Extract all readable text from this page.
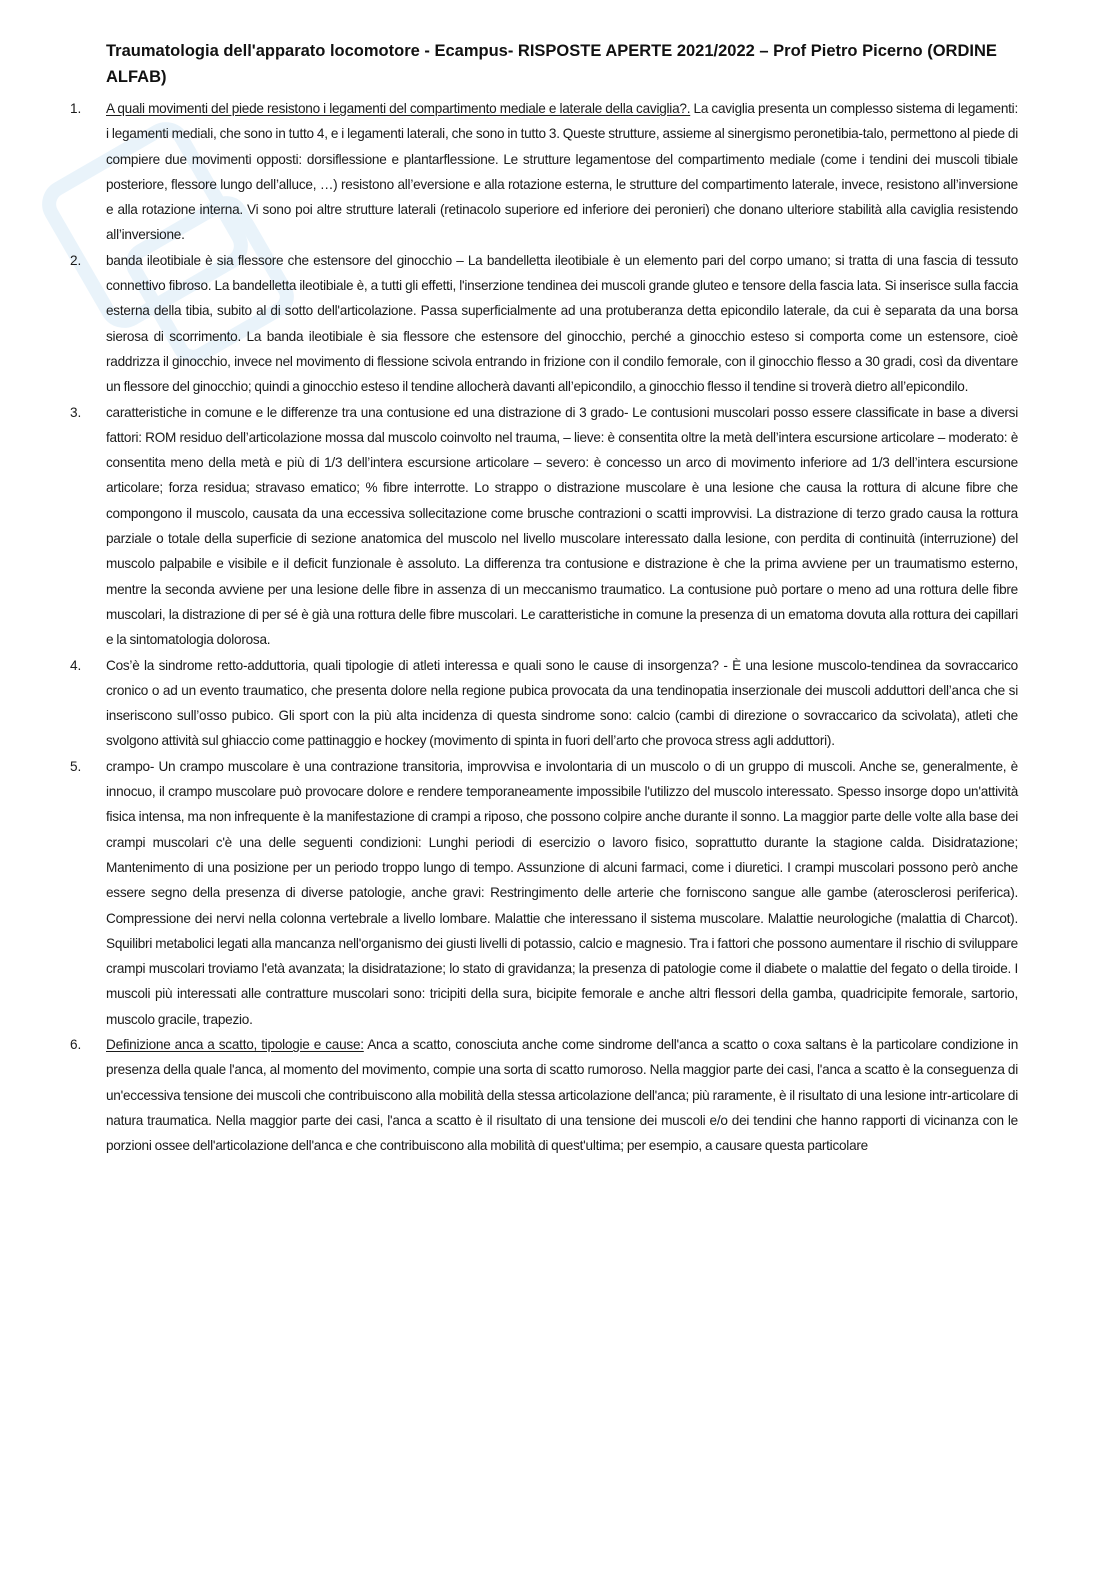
Traumatologia dell'apparato locomotore - Ecampus- RISPOSTE APERTE 2021/2022 – Prof Pietro Picerno (ORDINE ALFAB)
1.	A quali movimenti del piede resistono i legamenti del compartimento mediale e laterale della caviglia?. La caviglia presenta un complesso sistema di legamenti: i legamenti mediali, che sono in tutto 4, e i legamenti laterali, che sono in tutto 3. Queste strutture, assieme al sinergismo peronetibia-talo, permettono al piede di compiere due movimenti opposti: dorsiflessione e plantarflessione. Le strutture legamentose del compartimento mediale (come i tendini dei muscoli tibiale posteriore, flessore lungo dell’alluce, …) resistono all’eversione e alla rotazione esterna, le strutture del compartimento laterale, invece, resistono all’inversione e alla rotazione interna. Vi sono poi altre strutture laterali (retinacolo superiore ed inferiore dei peronieri) che donano ulteriore stabilità alla caviglia resistendo all’inversione.
2.	banda ileotibiale è sia flessore che estensore del ginocchio – La bandelletta ileotibiale è un elemento pari del corpo umano; si tratta di una fascia di tessuto connettivo fibroso. La bandelletta ileotibiale è, a tutti gli effetti, l'inserzione tendinea dei muscoli grande gluteo e tensore della fascia lata. Si inserisce sulla faccia esterna della tibia, subito al di sotto dell'articolazione. Passa superficialmente ad una protuberanza detta epicondilo laterale, da cui è separata da una borsa sierosa di scorrimento. La banda ileotibiale è sia flessore che estensore del ginocchio, perché a ginocchio esteso si comporta come un estensore, cioè raddrizza il ginocchio, invece nel movimento di flessione scivola entrando in frizione con il condilo femorale, con il ginocchio flesso a 30 gradi, così da diventare un flessore del ginocchio; quindi a ginocchio esteso il tendine allocherà davanti all’epicondilo, a ginocchio flesso il tendine si troverà dietro all’epicondilo.
3.	caratteristiche in comune e le differenze tra una contusione ed una distrazione di 3 grado- Le contusioni muscolari posso essere classificate in base a diversi fattori: ROM residuo dell’articolazione mossa dal muscolo coinvolto nel trauma, – lieve: è consentita oltre la metà dell’intera escursione articolare – moderato: è consentita meno della metà e più di 1/3 dell’intera escursione articolare – severo: è concesso un arco di movimento inferiore ad 1/3 dell’intera escursione articolare; forza residua; stravaso ematico; % fibre interrotte. Lo strappo o distrazione muscolare è una lesione che causa la rottura di alcune fibre che compongono il muscolo, causata da una eccessiva sollecitazione come brusche contrazioni o scatti improvvisi. La distrazione di terzo grado causa la rottura parziale o totale della superficie di sezione anatomica del muscolo nel livello muscolare interessato dalla lesione, con perdita di continuità (interruzione) del muscolo palpabile e visibile e il deficit funzionale è assoluto. La differenza tra contusione e distrazione è che la prima avviene per un traumatismo esterno, mentre la seconda avviene per una lesione delle fibre in assenza di un meccanismo traumatico. La contusione può portare o meno ad una rottura delle fibre muscolari, la distrazione di per sé è già una rottura delle fibre muscolari. Le caratteristiche in comune la presenza di un ematoma dovuta alla rottura dei capillari e la sintomatologia dolorosa.
4.	Cos’è la sindrome retto-adduttoria, quali tipologie di atleti interessa e quali sono le cause di insorgenza? - È una lesione muscolo-tendinea da sovraccarico cronico o ad un evento traumatico, che presenta dolore nella regione pubica provocata da una tendinopatia inserzionale dei muscoli adduttori dell’anca che si inseriscono sull’osso pubico. Gli sport con la più alta incidenza di questa sindrome sono: calcio (cambi di direzione o sovraccarico da scivolata), atleti che svolgono attività sul ghiaccio come pattinaggio e hockey (movimento di spinta in fuori dell’arto che provoca stress agli adduttori).
5.	crampo- Un crampo muscolare è una contrazione transitoria, improvvisa e involontaria di un muscolo o di un gruppo di muscoli. Anche se, generalmente, è innocuo, il crampo muscolare può provocare dolore e rendere temporaneamente impossibile l'utilizzo del muscolo interessato. Spesso insorge dopo un'attività fisica intensa, ma non infrequente è la manifestazione di crampi a riposo, che possono colpire anche durante il sonno. La maggior parte delle volte alla base dei crampi muscolari c'è una delle seguenti condizioni: Lunghi periodi di esercizio o lavoro fisico, soprattutto durante la stagione calda. Disidratazione; Mantenimento di una posizione per un periodo troppo lungo di tempo. Assunzione di alcuni farmaci, come i diuretici. I crampi muscolari possono però anche essere segno della presenza di diverse patologie, anche gravi: Restringimento delle arterie che forniscono sangue alle gambe (aterosclerosi periferica). Compressione dei nervi nella colonna vertebrale a livello lombare. Malattie che interessano il sistema muscolare. Malattie neurologiche (malattia di Charcot). Squilibri metabolici legati alla mancanza nell'organismo dei giusti livelli di potassio, calcio e magnesio. Tra i fattori che possono aumentare il rischio di sviluppare crampi muscolari troviamo l'età avanzata; la disidratazione; lo stato di gravidanza; la presenza di patologie come il diabete o malattie del fegato o della tiroide. I muscoli più interessati alle contratture muscolari sono: tricipiti della sura, bicipite femorale e anche altri flessori della gamba, quadricipite femorale, sartorio, muscolo gracile, trapezio.
6.	Definizione anca a scatto, tipologie e cause: Anca a scatto, conosciuta anche come sindrome dell'anca a scatto o coxa saltans è la particolare condizione in presenza della quale l'anca, al momento del movimento, compie una sorta di scatto rumoroso. Nella maggior parte dei casi, l'anca a scatto è la conseguenza di un'eccessiva tensione dei muscoli che contribuiscono alla mobilità della stessa articolazione dell'anca; più raramente, è il risultato di una lesione intr-articolare di natura traumatica. Nella maggior parte dei casi, l'anca a scatto è il risultato di una tensione dei muscoli e/o dei tendini che hanno rapporti di vicinanza con le porzioni ossee dell'articolazione dell'anca e che contribuiscono alla mobilità di quest'ultima; per esempio, a causare questa particolare
